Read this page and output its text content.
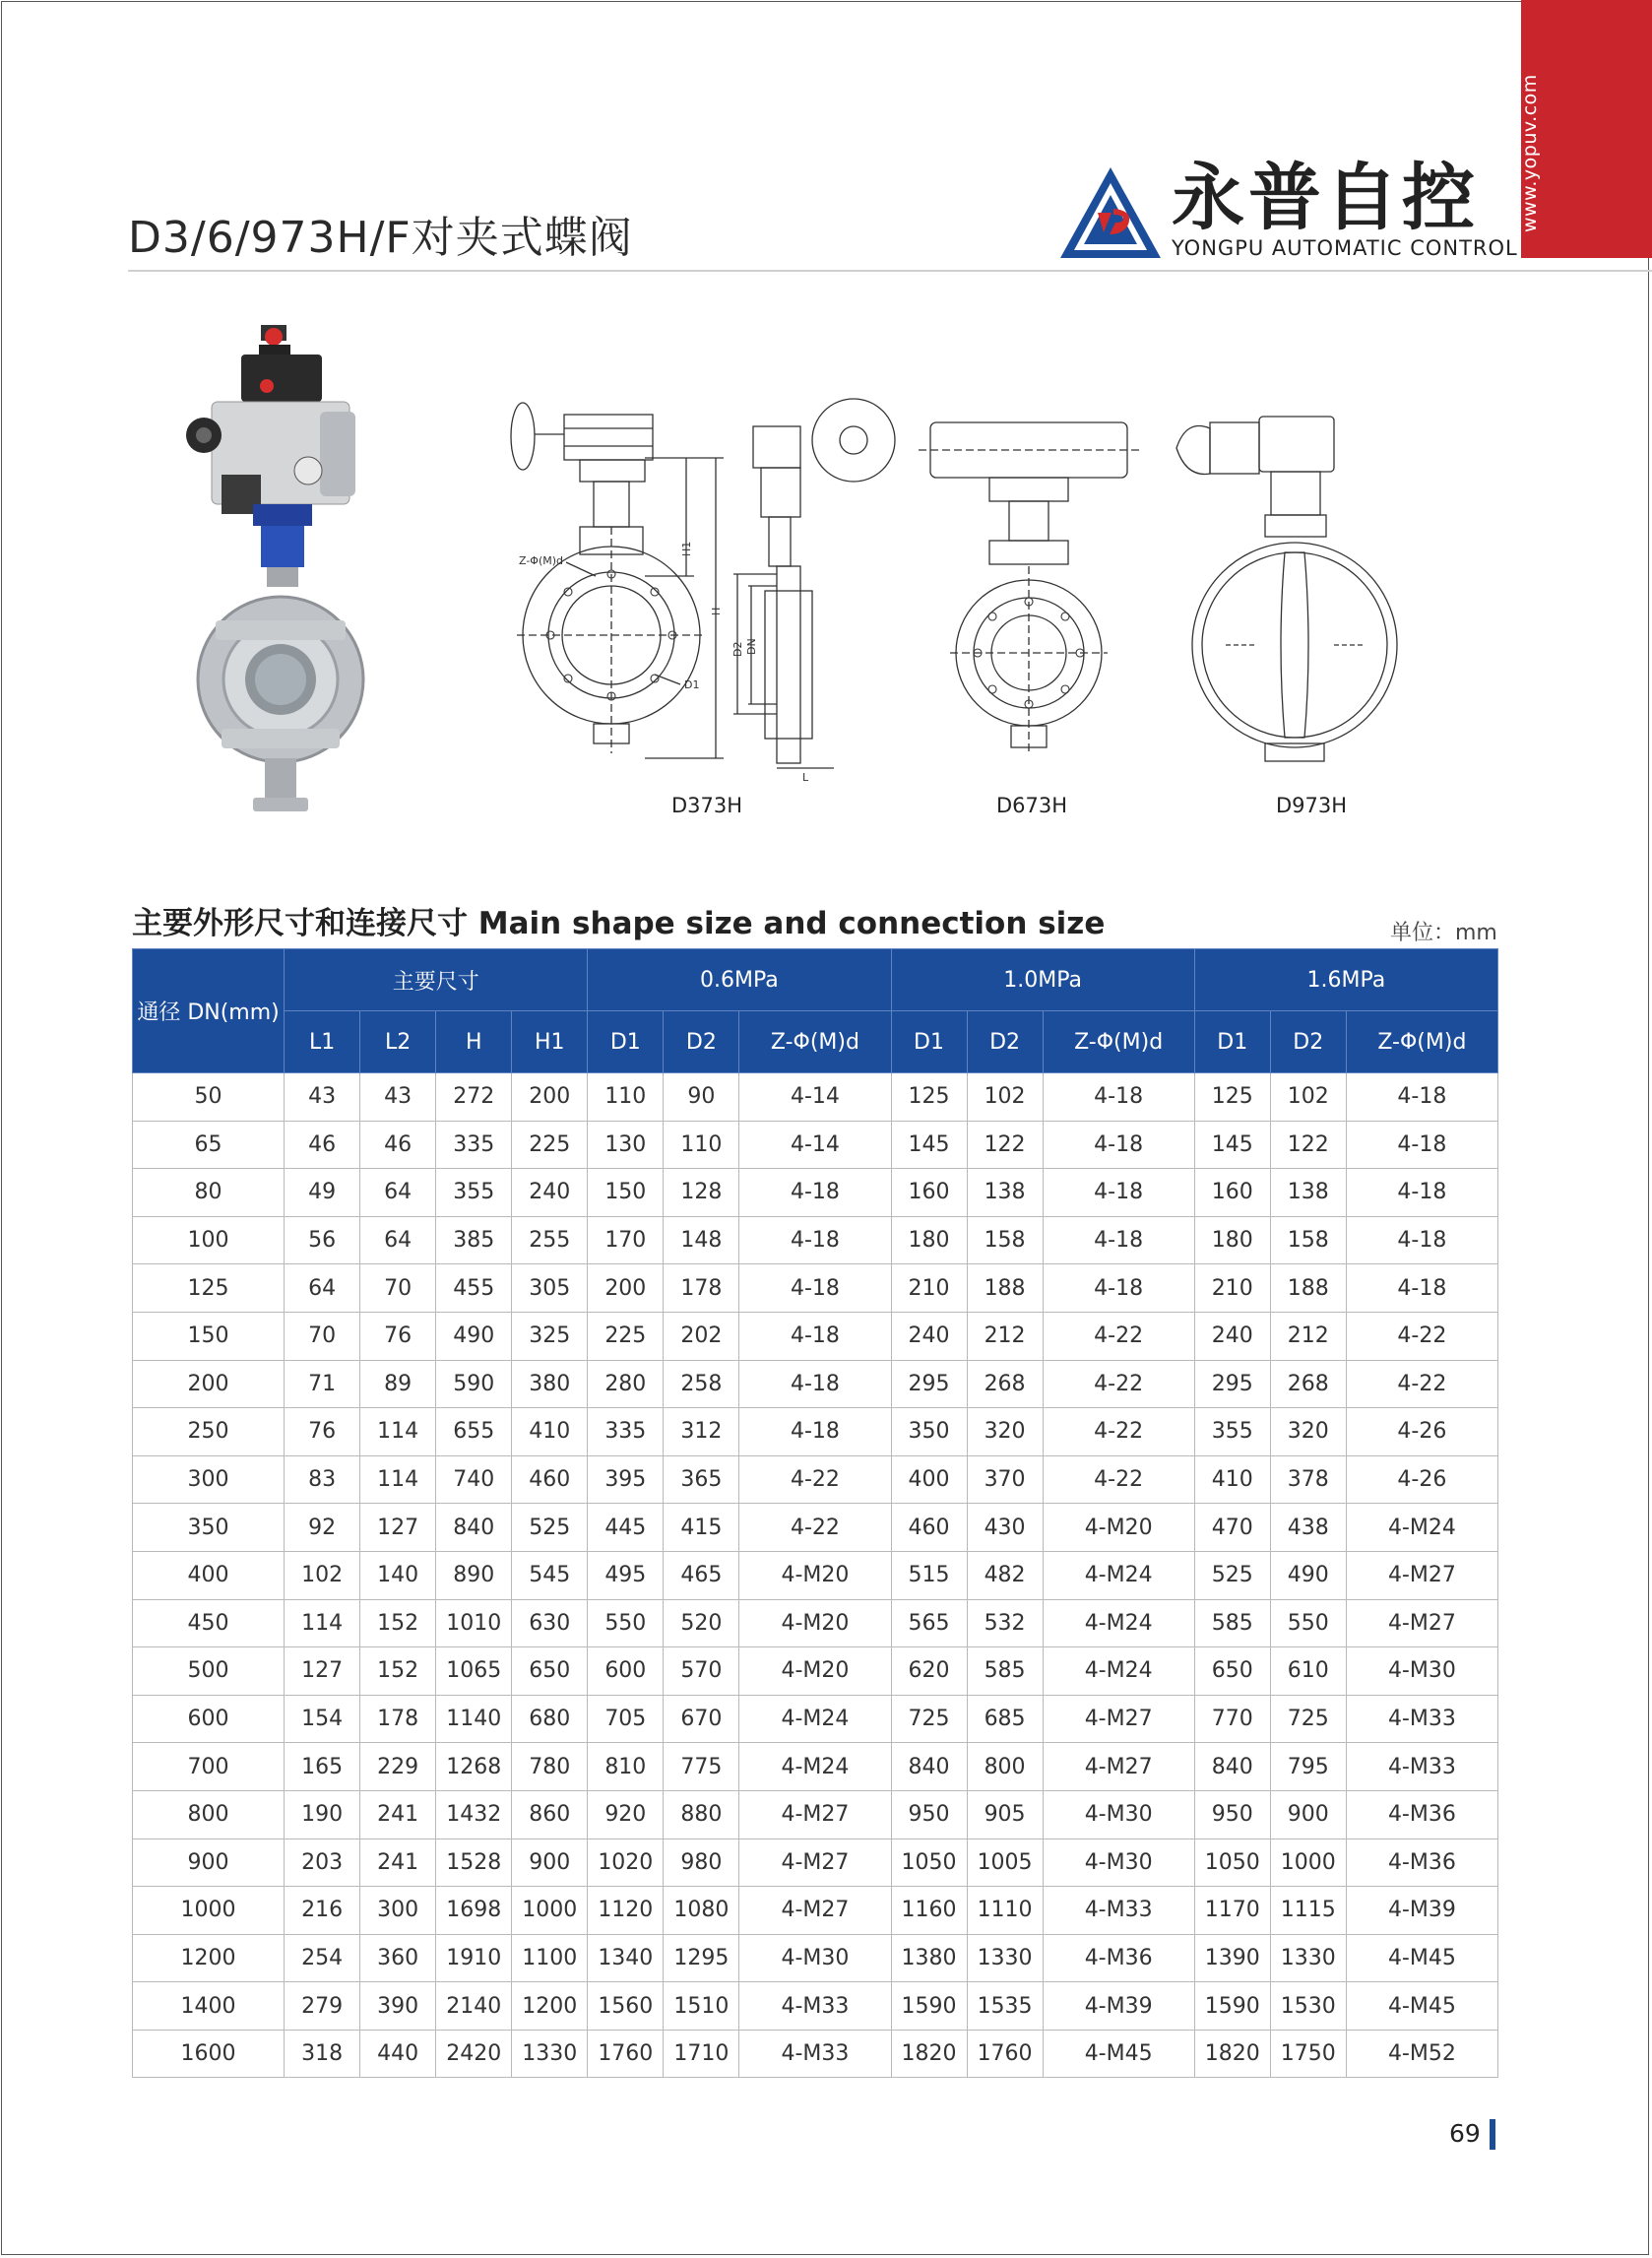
www.yopuv.com
D3/6/973H/F对夹式蝶阀	永普自控
YONGPU AUTOMATIC CONTROL
Z-Φ(M)d
H1
H
D1
D2 DN
L
D373H	D673H	D973H
主要外形尺寸和连接尺寸 Main shape size and connection size	单位：mm
通径 DN(mm)	主要尺寸				0.6MPa			1.0MPa			1.6MPa		
	L1	L2	H	H1	D1	D2	Z-Φ(M)d	D1	D2	Z-Φ(M)d	D1	D2	Z-Φ(M)d
50	43	43	272	200	110	90	4-14	125	102	4-18	125	102	4-18
65	46	46	335	225	130	110	4-14	145	122	4-18	145	122	4-18
80	49	64	355	240	150	128	4-18	160	138	4-18	160	138	4-18
100	56	64	385	255	170	148	4-18	180	158	4-18	180	158	4-18
125	64	70	455	305	200	178	4-18	210	188	4-18	210	188	4-18
150	70	76	490	325	225	202	4-18	240	212	4-22	240	212	4-22
200	71	89	590	380	280	258	4-18	295	268	4-22	295	268	4-22
250	76	114	655	410	335	312	4-18	350	320	4-22	355	320	4-26
300	83	114	740	460	395	365	4-22	400	370	4-22	410	378	4-26
350	92	127	840	525	445	415	4-22	460	430	4-M20	470	438	4-M24
400	102	140	890	545	495	465	4-M20	515	482	4-M24	525	490	4-M27
450	114	152	1010	630	550	520	4-M20	565	532	4-M24	585	550	4-M27
500	127	152	1065	650	600	570	4-M20	620	585	4-M24	650	610	4-M30
600	154	178	1140	680	705	670	4-M24	725	685	4-M27	770	725	4-M33
700	165	229	1268	780	810	775	4-M24	840	800	4-M27	840	795	4-M33
800	190	241	1432	860	920	880	4-M27	950	905	4-M30	950	900	4-M36
900	203	241	1528	900	1020	980	4-M27	1050	1005	4-M30	1050	1000	4-M36
1000	216	300	1698	1000	1120	1080	4-M27	1160	1110	4-M33	1170	1115	4-M39
1200	254	360	1910	1100	1340	1295	4-M30	1380	1330	4-M36	1390	1330	4-M45
1400	279	390	2140	1200	1560	1510	4-M33	1590	1535	4-M39	1590	1530	4-M45
1600	318	440	2420	1330	1760	1710	4-M33	1820	1760	4-M45	1820	1750	4-M52
69
